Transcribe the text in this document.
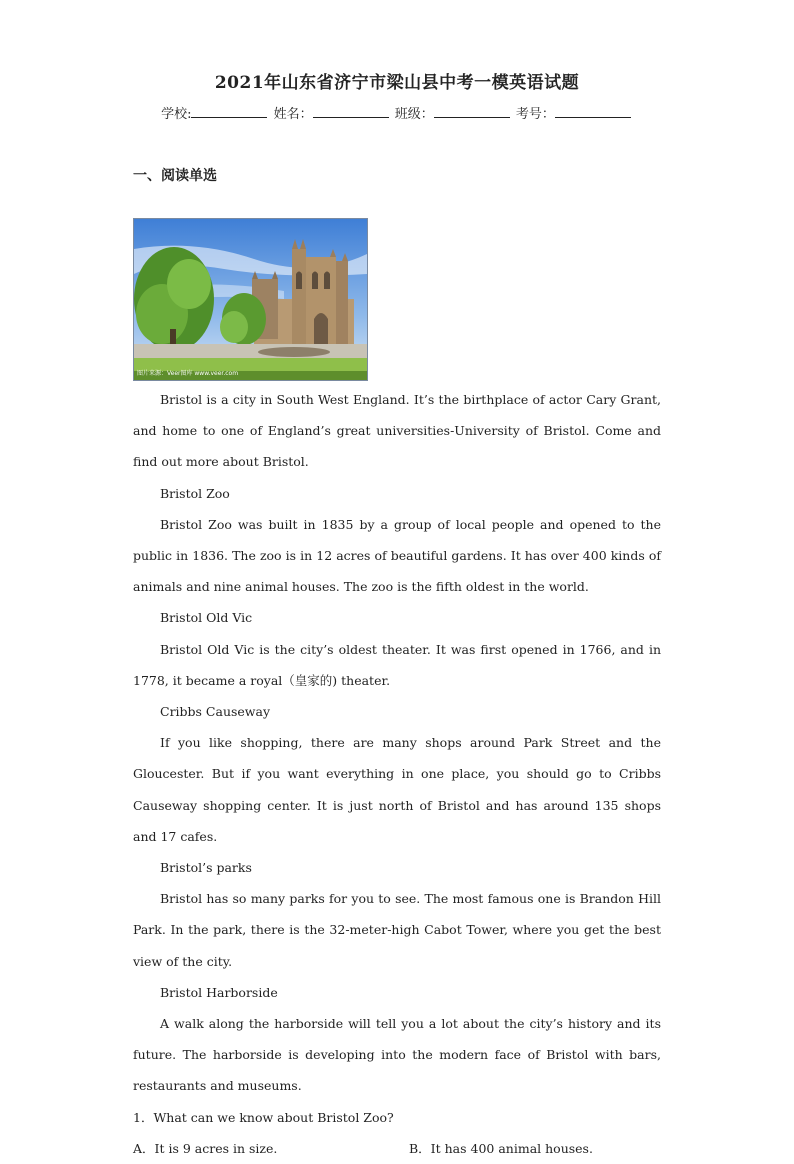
2021年山东省济宁市梁山县中考一模英语试题
学校:	姓名：	班级：	考号：
一、阅读单选
图片来源：Veer图库 www.veer.com

Bristol is a city in South West England. It’s the birthplace of actor Cary Grant, and home to one of England’s great universities-University of Bristol. Come and find out more about Bristol.

Bristol Zoo

Bristol Zoo was built in 1835 by a group of local people and opened to the public in 1836. The zoo is in 12 acres of beautiful gardens. It has over 400 kinds of animals and nine animal houses. The zoo is the fifth oldest in the world.

Bristol Old Vic

Bristol Old Vic is the city’s oldest theater. It was first opened in 1766, and in 1778, it became a royal（皇家的) theater.

Cribbs Causeway

If you like shopping, there are many shops around Park Street and the Gloucester. But if you want everything in one place, you should go to Cribbs Causeway shopping center. It is just north of Bristol and has around 135 shops and 17 cafes.

Bristol’s parks

Bristol has so many parks for you to see. The most famous one is Brandon Hill Park. In the park, there is the 32-meter-high Cabot Tower, where you get the best view of the city.

Bristol Harborside

A walk along the harborside will tell you a lot about the city’s history and its future. The harborside is developing into the modern face of Bristol with bars, restaurants and museums.

1．What can we know about Bristol Zoo?

A．It is 9 acres in size.	B．It has 400 animal houses.
